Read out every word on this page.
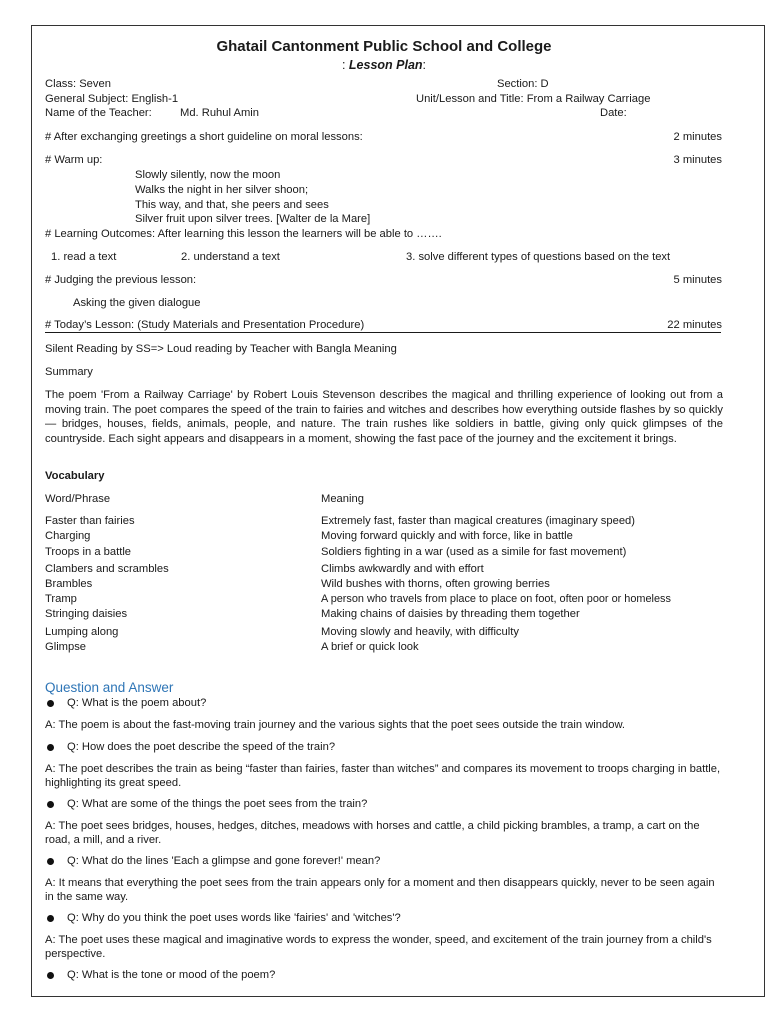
Ghatail Cantonment Public School and College
: Lesson Plan:
Class: Seven	Section: D
General Subject: English-1	Unit/Lesson and Title: From a Railway Carriage
Name of the Teacher:	Md. Ruhul Amin	Date:
# After exchanging greetings a short guideline on moral lessons:	2 minutes
# Warm up:	3 minutes
Slowly silently, now the moon
Walks the night in her silver shoon;
This way, and that, she peers and sees
Silver fruit upon silver trees. [Walter de la Mare]
# Learning Outcomes: After learning this lesson the learners will be able to …….
1. read a text	2. understand a text	3. solve different types of questions based on the text
# Judging the previous lesson:	5 minutes
Asking the given dialogue
# Today’s Lesson: (Study Materials and Presentation Procedure)	22 minutes
Silent Reading by SS=> Loud reading by Teacher with Bangla Meaning
Summary
The poem 'From a Railway Carriage' by Robert Louis Stevenson describes the magical and thrilling experience of looking out from a moving train. The poet compares the speed of the train to fairies and witches and describes how everything outside flashes by so quickly — bridges, houses, fields, animals, people, and nature. The train rushes like soldiers in battle, giving only quick glimpses of the countryside. Each sight appears and disappears in a moment, showing the fast pace of the journey and the excitement it brings.
Vocabulary
Word/Phrase	Meaning
Faster than fairies	Extremely fast, faster than magical creatures (imaginary speed)
Charging	Moving forward quickly and with force, like in battle
Troops in a battle	Soldiers fighting in a war (used as a simile for fast movement)
Clambers and scrambles	Climbs awkwardly and with effort
Brambles	Wild bushes with thorns, often growing berries
Tramp	A person who travels from place to place on foot, often poor or homeless
Stringing daisies	Making chains of daisies by threading them together
Lumping along	Moving slowly and heavily, with difficulty
Glimpse	A brief or quick look
Question and Answer
Q: What is the poem about?
A: The poem is about the fast-moving train journey and the various sights that the poet sees outside the train window.
Q: How does the poet describe the speed of the train?
A: The poet describes the train as being “faster than fairies, faster than witches” and compares its movement to troops charging in battle, highlighting its great speed.
Q: What are some of the things the poet sees from the train?
A: The poet sees bridges, houses, hedges, ditches, meadows with horses and cattle, a child picking brambles, a tramp, a cart on the road, a mill, and a river.
Q: What do the lines 'Each a glimpse and gone forever!' mean?
A: It means that everything the poet sees from the train appears only for a moment and then disappears quickly, never to be seen again in the same way.
Q: Why do you think the poet uses words like 'fairies' and 'witches'?
A: The poet uses these magical and imaginative words to express the wonder, speed, and excitement of the train journey from a child's perspective.
Q: What is the tone or mood of the poem?
